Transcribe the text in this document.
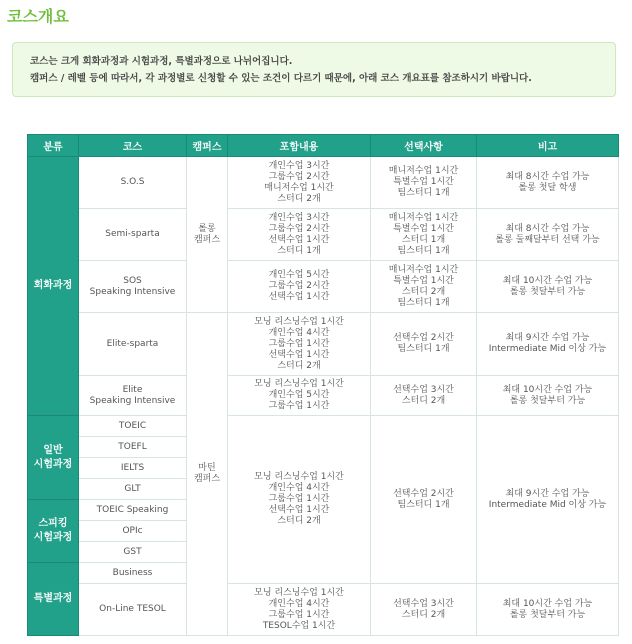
코스개요
코스는 크게 회화과정과 시험과정, 특별과정으로 나뉘어집니다.
캠퍼스 / 레벨 등에 따라서, 각 과정별로 신청할 수 있는 조건이 다르기 때문에, 아래 코스 개요표를 참조하시기 바랍니다.
분류	코스	캠퍼스	포함내용	선택사항	비고
회화과정	S.O.S	롤롱
캠퍼스	개인수업 3시간
그룹수업 2시간
매니저수업 1시간
스터디 2개	매니저수업 1시간
특별수업 1시간
팀스터디 1개	최대 8시간 수업 가능
롤롱 첫달 학생

	Semi-sparta		개인수업 3시간
그룹수업 2시간
선택수업 1시간
스터디 1개	매니저수업 1시간
특별수업 1시간
스터디 1개
팀스터디 1개	최대 8시간 수업 가능
롤롱 둘째달부터 선택 가능

	SOS
Speaking Intensive		개인수업 5시간
그룹수업 2시간
선택수업 1시간	매니저수업 1시간
특별수업 1시간
스터디 2개
팀스터디 1개	최대 10시간 수업 가능
롤롱 첫달부터 가능

	Elite-sparta	마틴
캠퍼스	모닝 리스닝수업 1시간
개인수업 4시간
그룹수업 1시간
선택수업 1시간
스터디 2개	선택수업 2시간
팀스터디 1개	최대 9시간 수업 가능
Intermediate Mid 이상 가능

	Elite
Speaking Intensive		모닝 리스닝수업 1시간
개인수업 5시간
그룹수업 1시간	선택수업 3시간
스터디 2개	최대 10시간 수업 가능
롤롱 첫달부터 가능

일반
시험과정	TOEIC		모닝 리스닝수업 1시간
개인수업 4시간
그룹수업 1시간
선택수업 1시간
스터디 2개	선택수업 2시간
팀스터디 1개	최대 9시간 수업 가능
Intermediate Mid 이상 가능

	TOEFL				

	IELTS				

	GLT				

스피킹
시험과정	TOEIC Speaking				

	OPIc				

	GST				

특별과정	Business				

	On-Line TESOL		모닝 리스닝수업 1시간
개인수업 4시간
그룹수업 1시간
TESOL수업 1시간	선택수업 3시간
스터디 2개	최대 10시간 수업 가능
롤롱 첫달부터 가능
